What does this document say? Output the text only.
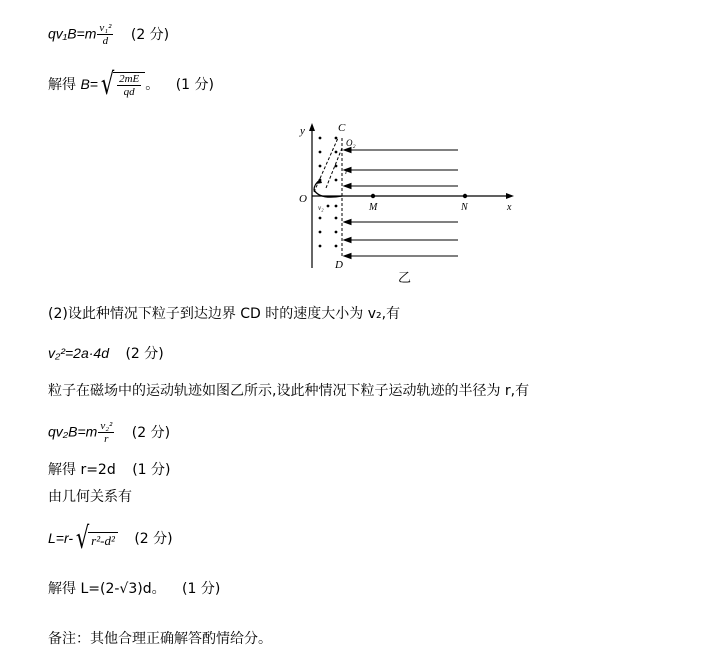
$qv_1B=m \frac{\text{v₁²}}{d} (2$ 分)
解得 $B=√ \frac{2mE}{qd}$ 。 (1 分)
y	C
O₂
r
O
v₂	M	N	x
D
乙
(2)设此种情况下粒子到达边界 CD 时的速度大小为 v₂,有
v₂²=2a·4d (2 分)
粒子在磁场中的运动轨迹如图乙所示,设此种情况下粒子运动轨迹的半径为 r,有
$qv_2B=m \frac{\text{v₂²}}{r} (2$ 分)
解得 r=2d (1 分)
由几何关系有
L=r-√ r²-d² (2 分)
解得 L=(2-√3)d。 (1 分)
备注：其他合理正确解答酌情给分。
